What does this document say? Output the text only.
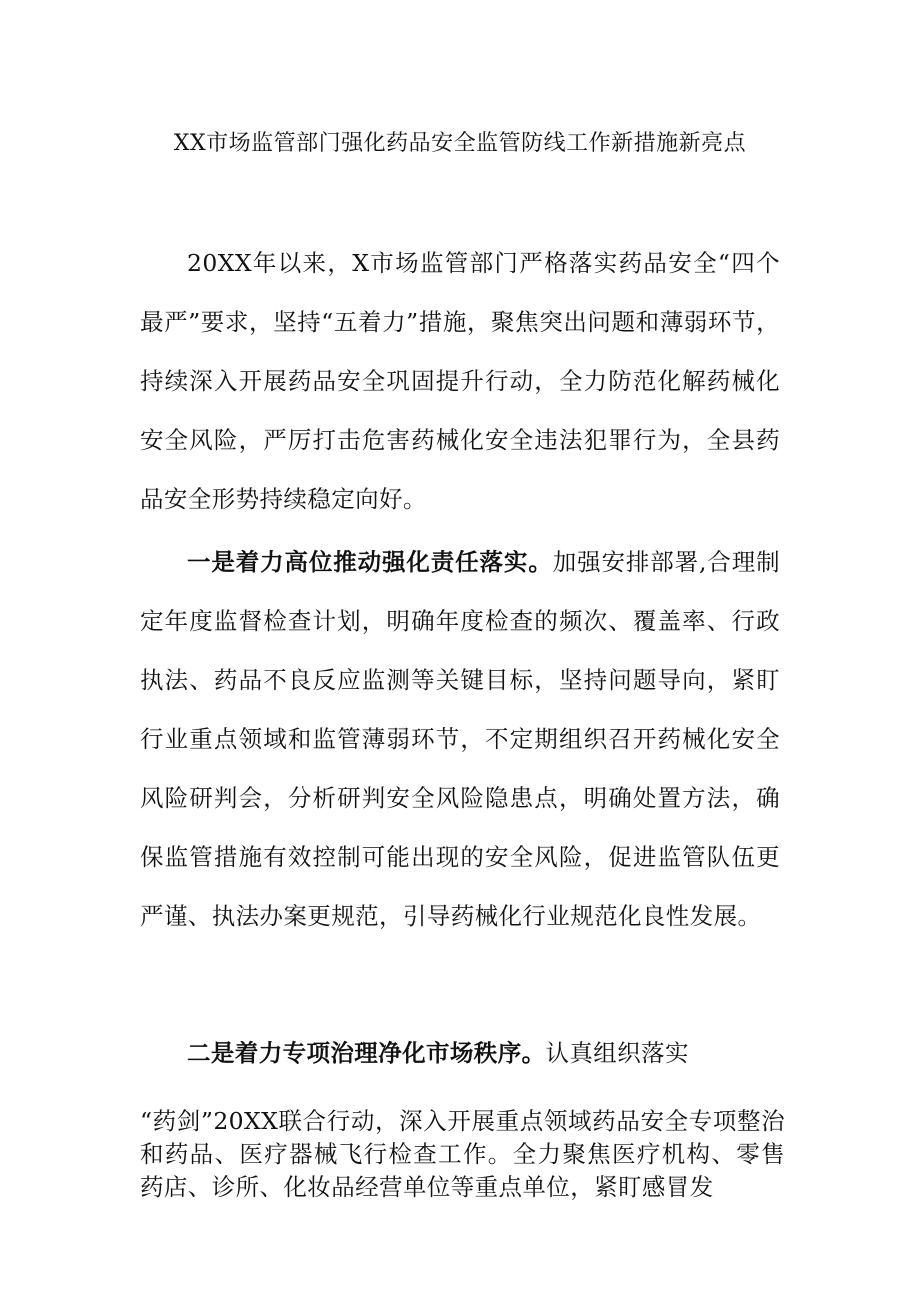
XX市场监管部门强化药品安全监管防线工作新措施新亮点

20XX年以来，X市场监管部门严格落实药品安全“四个最严”要求，坚持“五着力”措施，聚焦突出问题和薄弱环节，持续深入开展药品安全巩固提升行动，全力防范化解药械化安全风险，严厉打击危害药械化安全违法犯罪行为，全县药品安全形势持续稳定向好。

一是着力高位推动强化责任落实。加强安排部署,合理制定年度监督检查计划，明确年度检查的频次、覆盖率、行政执法、药品不良反应监测等关键目标，坚持问题导向，紧盯行业重点领域和监管薄弱环节，不定期组织召开药械化安全风险研判会，分析研判安全风险隐患点，明确处置方法，确保监管措施有效控制可能出现的安全风险，促进监管队伍更严谨、执法办案更规范，引导药械化行业规范化良性发展。

二是着力专项治理净化市场秩序。认真组织落实

“药剑”20XX联合行动，深入开展重点领域药品安全专项整治和药品、医疗器械飞行检查工作。全力聚焦医疗机构、零售药店、诊所、化妆品经营单位等重点单位，紧盯感冒发
